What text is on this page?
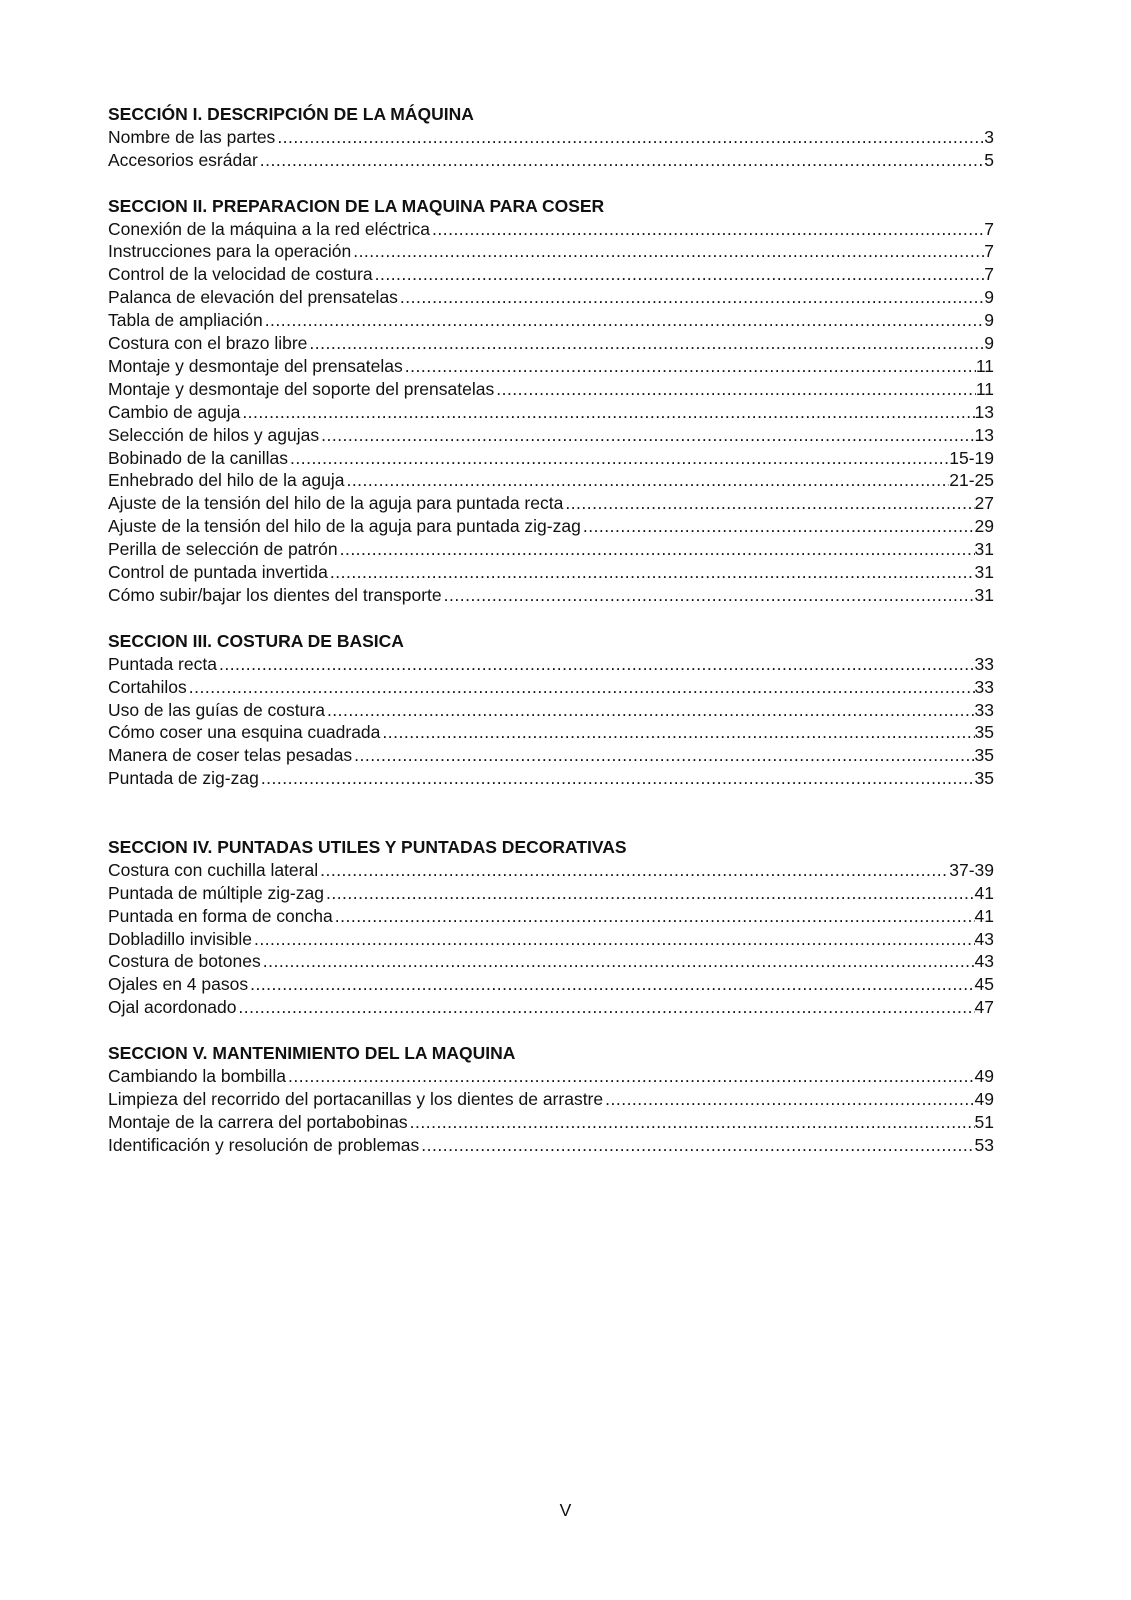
SECCIÓN I. DESCRIPCIÓN DE LA MÁQUINA
Nombre de las partes .....	3
Accesorios esrádar .....	5
SECCION II. PREPARACION DE LA MAQUINA PARA COSER
Conexión de la máquina a la red eléctrica .....	7
Instrucciones para la operación .....	7
Control de la velocidad de costura .....	7
Palanca de elevación del prensatelas .....	9
Tabla de ampliación .....	9
Costura con el brazo libre .....	9
Montaje y desmontaje del prensatelas .....	11
Montaje y desmontaje del soporte del prensatelas .....	11
Cambio de aguja .....	13
Selección de hilos y agujas .....	13
Bobinado de la canillas .....	15-19
Enhebrado del hilo de la aguja .....	21-25
Ajuste de la tensión del hilo de la aguja para puntada recta .....	27
Ajuste de la tensión del hilo de la aguja para puntada zig-zag .....	29
Perilla de selección de patrón .....	31
Control de puntada invertida .....	31
Cómo subir/bajar los dientes del transporte .....	31
SECCION III. COSTURA DE BASICA
Puntada recta .....	33
Cortahilos .....	33
Uso de las guías de costura .....	33
Cómo coser una esquina cuadrada .....	35
Manera de coser telas pesadas .....	35
Puntada de zig-zag .....	35
SECCION IV. PUNTADAS UTILES Y PUNTADAS DECORATIVAS
Costura con cuchilla lateral .....	37-39
Puntada de múltiple zig-zag .....	41
Puntada en forma de concha .....	41
Dobladillo invisible .....	43
Costura de botones .....	43
Ojales en 4 pasos .....	45
Ojal acordonado .....	47
SECCION V. MANTENIMIENTO DEL LA MAQUINA
Cambiando la bombilla .....	49
Limpieza del recorrido del portacanillas y los dientes de arrastre .....	49
Montaje de la carrera del portabobinas .....	51
Identificación y resolución de problemas .....	53
V
